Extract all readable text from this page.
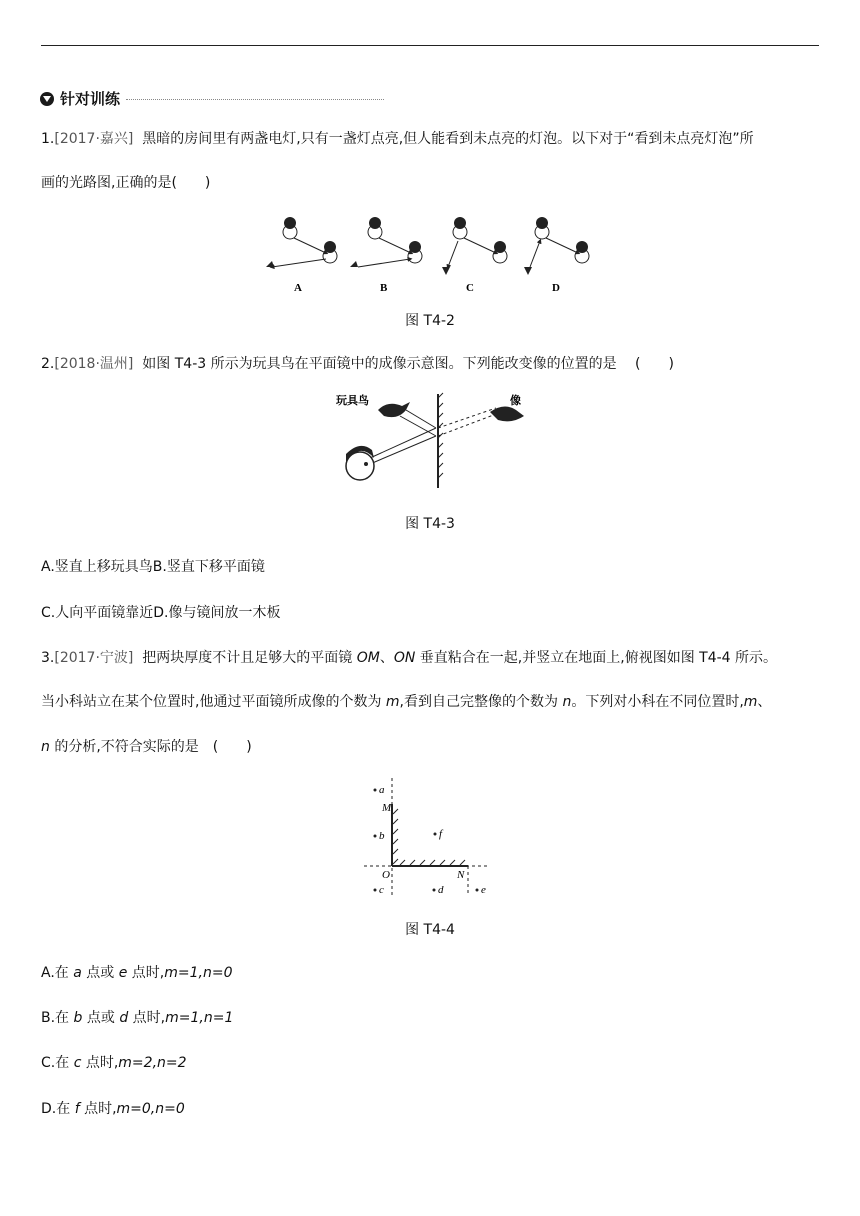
针对训练
1.[2017·嘉兴] 黑暗的房间里有两盏电灯,只有一盏灯点亮,但人能看到未点亮的灯泡。以下对于“看到未点亮灯泡”所
画的光路图,正确的是(　　)
A	B	C	D
图 T4-2
2.[2018·温州] 如图 T4-3 所示为玩具鸟在平面镜中的成像示意图。下列能改变像的位置的是　 (　　)
玩具鸟	像
图 T4-3
A.竖直上移玩具鸟B.竖直下移平面镜
C.人向平面镜靠近D.像与镜间放一木板
3.[2017·宁波] 把两块厚度不计且足够大的平面镜 OM、ON 垂直粘合在一起,并竖立在地面上,俯视图如图 T4-4 所示。
当小科站立在某个位置时,他通过平面镜所成像的个数为 m,看到自己完整像的个数为 n。下列对小科在不同位置时,m、
n 的分析,不符合实际的是　(　　)
M
O	N
a
b
c	d	e
f
图 T4-4
A.在 a 点或 e 点时,m=1,n=0
B.在 b 点或 d 点时,m=1,n=1
C.在 c 点时,m=2,n=2
D.在 f 点时,m=0,n=0
